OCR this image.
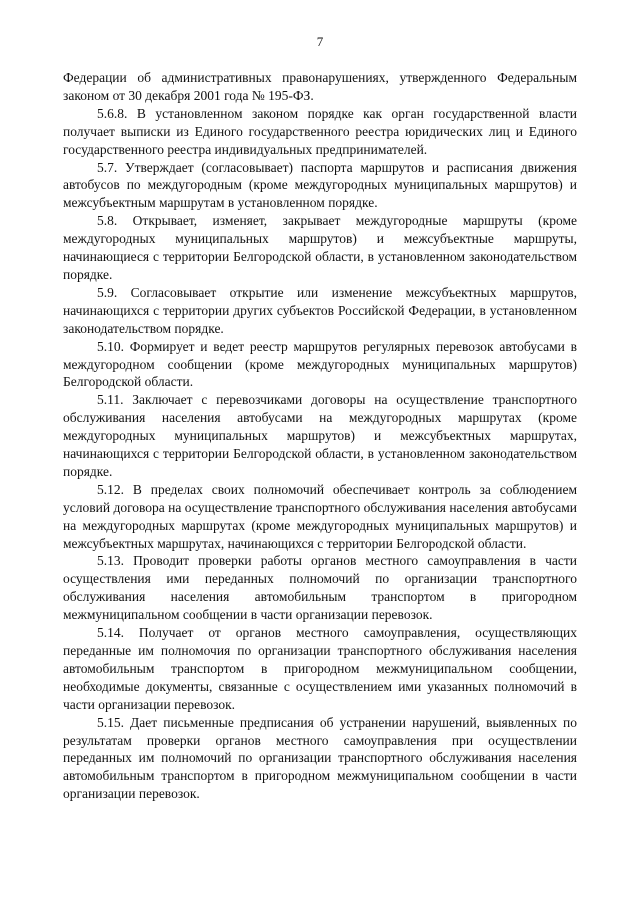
7

Федерации об административных правонарушениях, утвержденного Федеральным законом от 30 декабря 2001 года № 195-ФЗ.

5.6.8. В установленном законом порядке как орган государственной власти получает выписки из Единого государственного реестра юридических лиц и Единого государственного реестра индивидуальных предпринимателей.

5.7. Утверждает (согласовывает) паспорта маршрутов и расписания движения автобусов по междугородным (кроме междугородных муниципальных маршрутов) и межсубъектным маршрутам в установленном порядке.

5.8. Открывает, изменяет, закрывает междугородные маршруты (кроме междугородных муниципальных маршрутов) и межсубъектные маршруты, начинающиеся с территории Белгородской области, в установленном законодательством порядке.

5.9. Согласовывает открытие или изменение межсубъектных маршрутов, начинающихся с территории других субъектов Российской Федерации, в установленном законодательством порядке.

5.10. Формирует и ведет реестр маршрутов регулярных перевозок автобусами в междугородном сообщении (кроме междугородных муниципальных маршрутов) Белгородской области.

5.11. Заключает с перевозчиками договоры на осуществление транспортного обслуживания населения автобусами на междугородных маршрутах (кроме междугородных муниципальных маршрутов) и межсубъектных маршрутах, начинающихся с территории Белгородской области, в установленном законодательством порядке.

5.12. В пределах своих полномочий обеспечивает контроль за соблюдением условий договора на осуществление транспортного обслуживания населения автобусами на междугородных маршрутах (кроме междугородных муниципальных маршрутов) и межсубъектных маршрутах, начинающихся с территории Белгородской области.

5.13. Проводит проверки работы органов местного самоуправления в части осуществления ими переданных полномочий по организации транспортного обслуживания населения автомобильным транспортом в пригородном межмуниципальном сообщении в части организации перевозок.

5.14. Получает от органов местного самоуправления, осуществляющих переданные им полномочия по организации транспортного обслуживания населения автомобильным транспортом в пригородном межмуниципальном сообщении, необходимые документы, связанные с осуществлением ими указанных полномочий в части организации перевозок.

5.15. Дает письменные предписания об устранении нарушений, выявленных по результатам проверки органов местного самоуправления при осуществлении переданных им полномочий по организации транспортного обслуживания населения автомобильным транспортом в пригородном межмуниципальном сообщении в части организации перевозок.
